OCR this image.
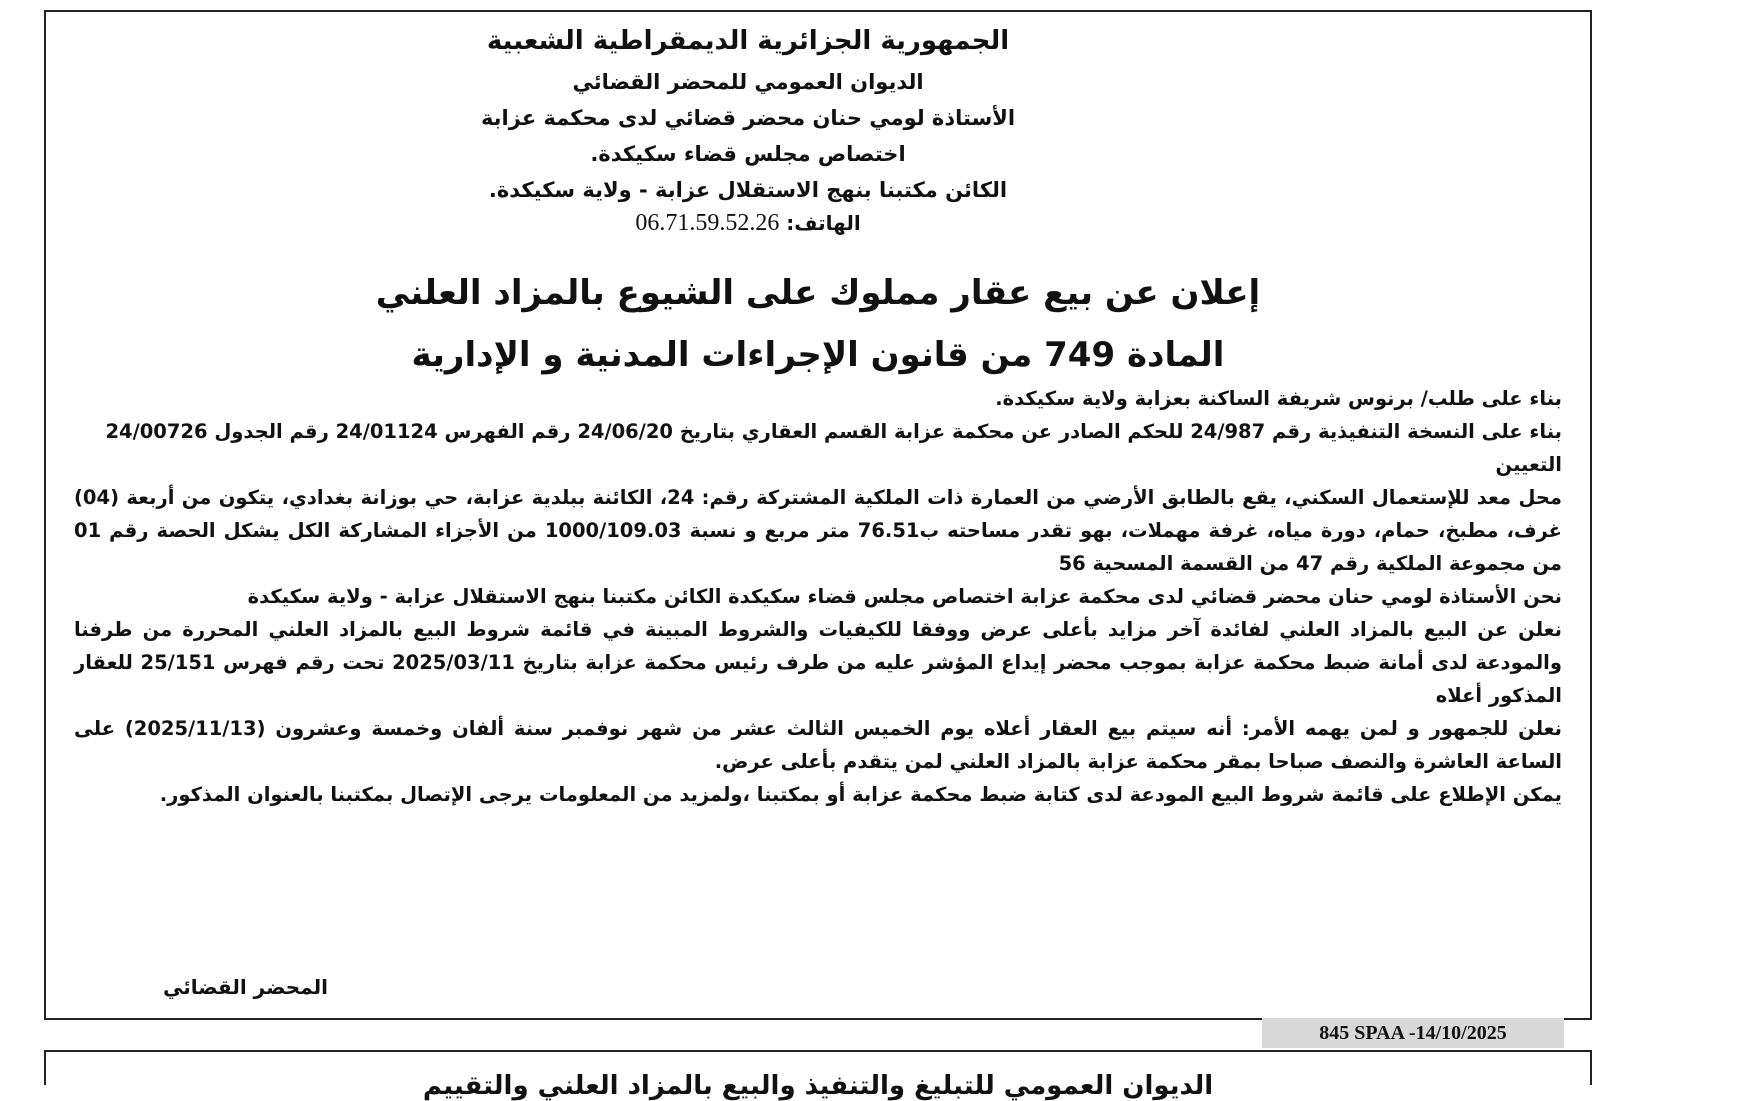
الجمهورية الجزائرية الديمقراطية الشعبية
الديوان العمومي للمحضر القضائي
الأستاذة لومي حنان محضر قضائي لدى محكمة عزابة
اختصاص مجلس قضاء سكيكدة.
الكائن مكتبنا بنهج الاستقلال عزابة - ولاية سكيكدة.
الهاتف: 06.71.59.52.26
إعلان عن بيع عقار مملوك على الشيوع بالمزاد العلني
المادة 749 من قانون الإجراءات المدنية و الإدارية

بناء على طلب/ برنوس شريفة الساكنة بعزابة ولاية سكيكدة.

بناء على النسخة التنفيذية رقم 24/987 للحكم الصادر عن محكمة عزابة القسم العقاري بتاريخ 24/06/20 رقم الفهرس 24/01124 رقم الجدول 24/00726

التعيين

محل معد للإستعمال السكني، يقع بالطابق الأرضي من العمارة ذات الملكية المشتركة رقم: 24، الكائنة ببلدية عزابة، حي بوزانة بغدادي، يتكون من أربعة (04) غرف، مطبخ، حمام، دورة مياه، غرفة مهملات، بهو تقدر مساحته ب76.51 متر مربع و نسبة 1000/109.03 من الأجزاء المشاركة الكل يشكل الحصة رقم 01 من مجموعة الملكية رقم 47 من القسمة المسحية 56

نحن الأستاذة لومي حنان محضر قضائي لدى محكمة عزابة اختصاص مجلس قضاء سكيكدة الكائن مكتبنا بنهج الاستقلال عزابة - ولاية سكيكدة

نعلن عن البيع بالمزاد العلني لفائدة آخر مزايد بأعلى عرض ووفقا للكيفيات والشروط المبينة في قائمة شروط البيع بالمزاد العلني المحررة من طرفنا والمودعة لدى أمانة ضبط محكمة عزابة بموجب محضر إيداع المؤشر عليه من طرف رئيس محكمة عزابة بتاريخ 2025/03/11 تحت رقم فهرس 25/151 للعقار المذكور أعلاه

نعلن للجمهور و لمن يهمه الأمر: أنه سيتم بيع العقار أعلاه يوم الخميس الثالث عشر من شهر نوفمبر سنة ألفان وخمسة وعشرون (2025/11/13) على الساعة العاشرة والنصف صباحا بمقر محكمة عزابة بالمزاد العلني لمن يتقدم بأعلى عرض.

يمكن الإطلاع على قائمة شروط البيع المودعة لدى كتابة ضبط محكمة عزابة أو بمكتبنا ،ولمزيد من المعلومات يرجى الإتصال بمكتبنا بالعنوان المذكور.

المحضر القضائي
845 SPAA -14/10/2025
الديوان العمومي للتبليغ والتنفيذ والبيع بالمزاد العلني والتقييم
